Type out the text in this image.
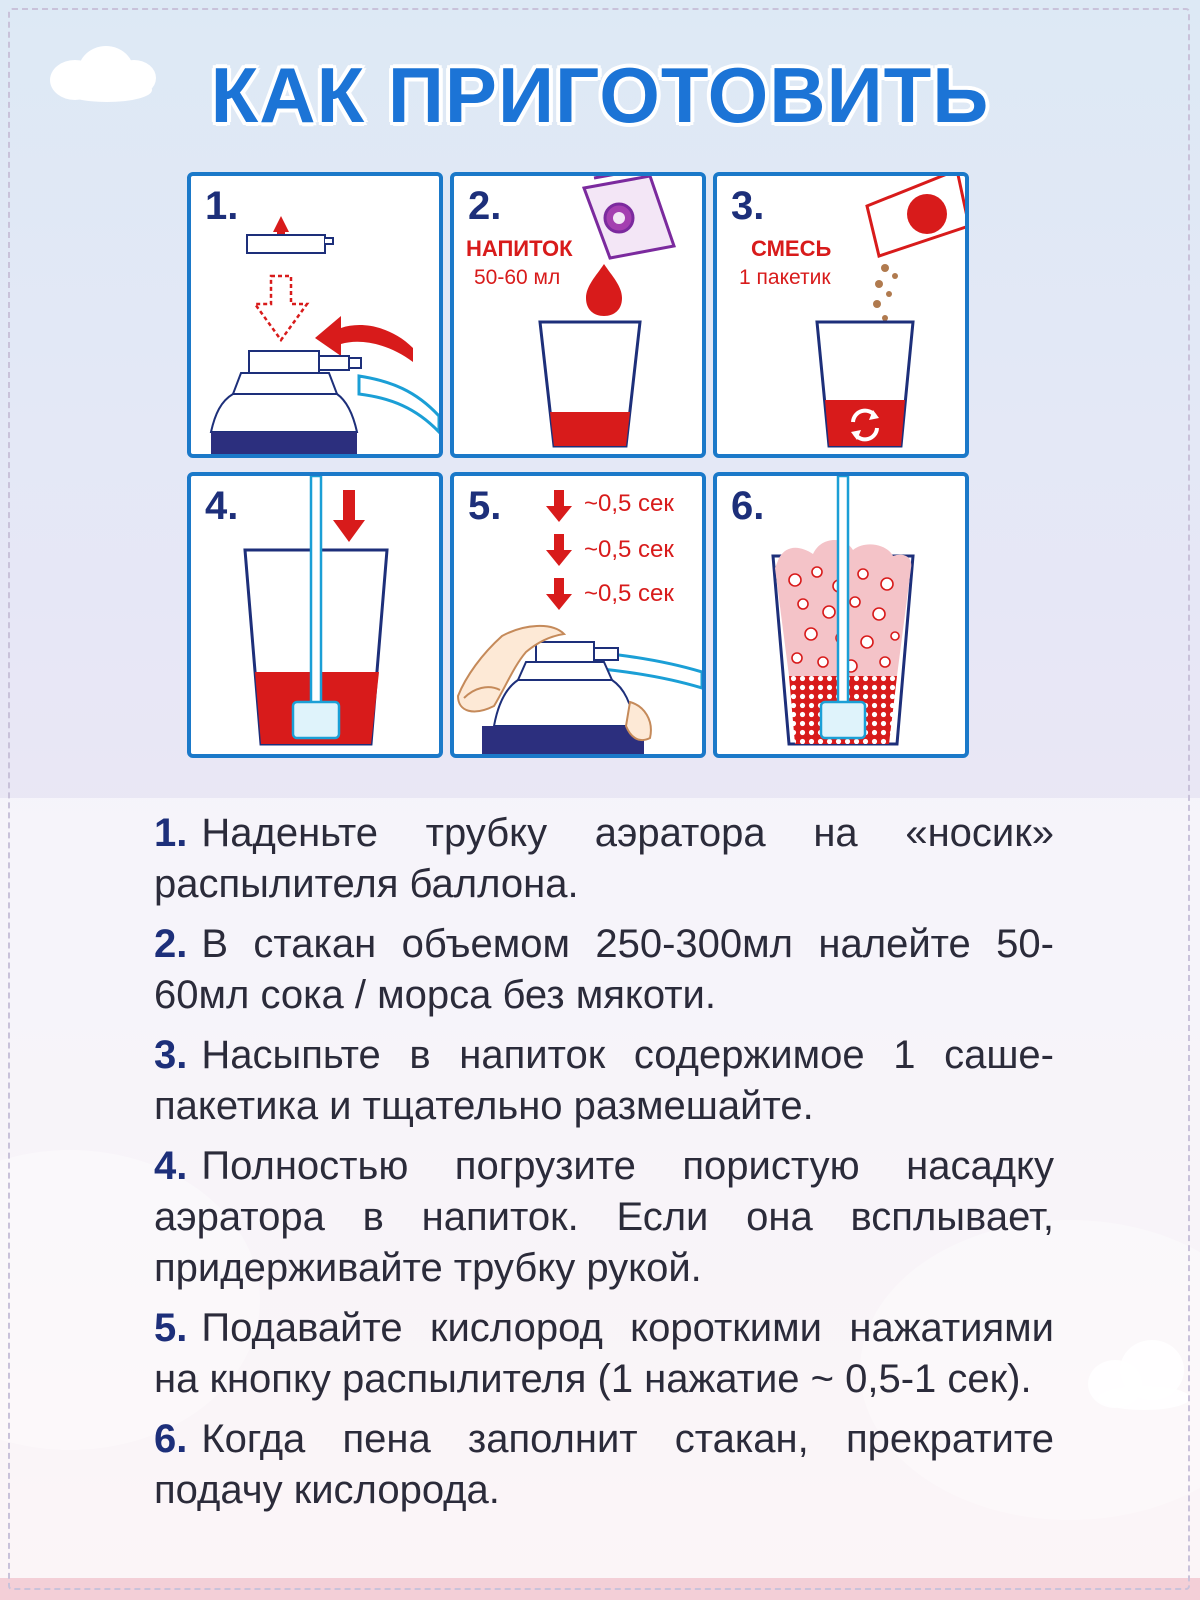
КАК ПРИГОТОВИТЬ
1.	2.
НАПИТОК
50-60 мл
3.
СМЕСЬ
1 пакетик
4.	5.	~0,5 сек
~0,5 сек
~0,5 сек
6.

1. Наденьте трубку аэратора на «носик» распылителя баллона.

2. В стакан объемом 250-300мл налейте 50-60мл сока / морса без мякоти.

3. Насыпьте в напиток содержимое 1 саше-пакетика и тщательно размешайте.

4. Полностью погрузите пористую насадку аэратора в напиток. Если она всплывает, придерживайте трубку рукой.

5. Подавайте кислород короткими нажатиями на кнопку распылителя (1 нажатие ~ 0,5-1 сек).

6. Когда пена заполнит стакан, прекратите подачу кислорода.
